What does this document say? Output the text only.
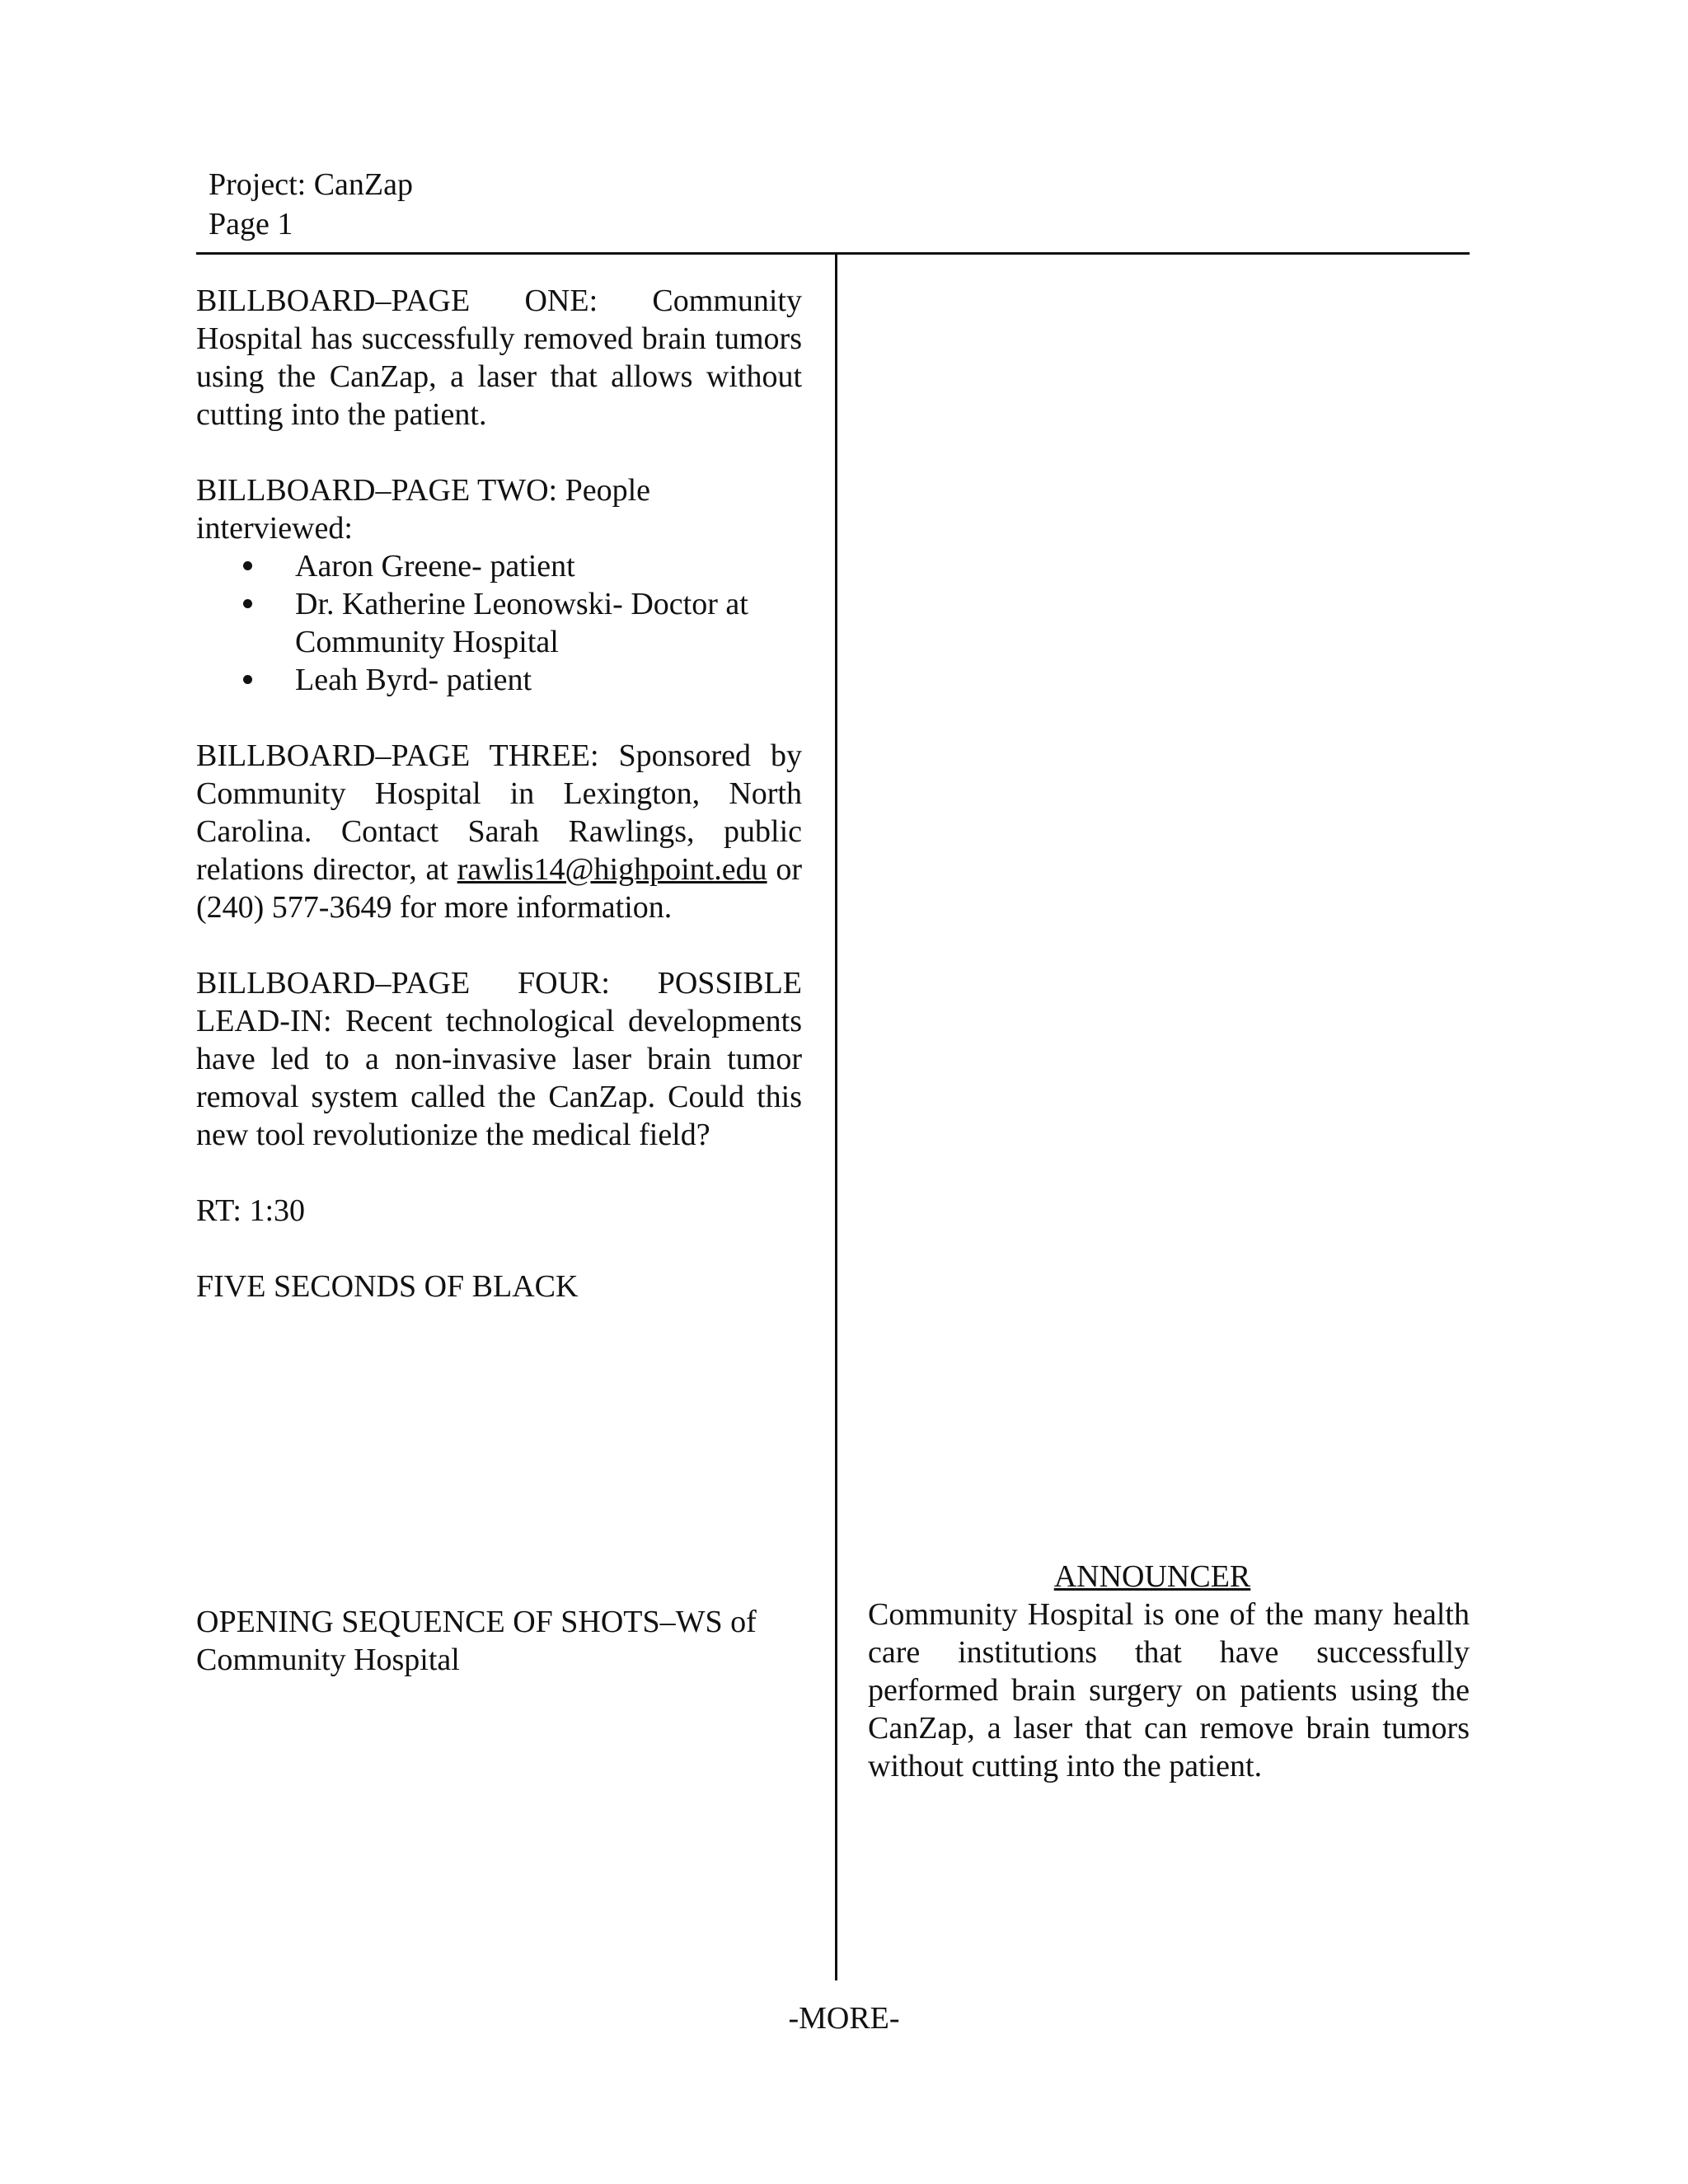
Project: CanZap
Page 1

BILLBOARD–PAGE ONE: Community Hospital has successfully removed brain tumors using the CanZap, a laser that allows without cutting into the patient.

BILLBOARD–PAGE TWO: People interviewed:
Aaron Greene- patient
Dr. Katherine Leonowski- Doctor at Community Hospital
Leah Byrd- patient

BILLBOARD–PAGE THREE: Sponsored by Community Hospital in Lexington, North Carolina. Contact Sarah Rawlings, public relations director, at rawlis14@highpoint.edu or (240) 577-3649 for more information.

BILLBOARD–PAGE FOUR: POSSIBLE LEAD-IN: Recent technological developments have led to a non-invasive laser brain tumor removal system called the CanZap. Could this new tool revolutionize the medical field?

RT: 1:30

FIVE SECONDS OF BLACK

OPENING SEQUENCE OF SHOTS–WS of Community Hospital
ANNOUNCER
Community Hospital is one of the many health care institutions that have successfully performed brain surgery on patients using the CanZap, a laser that can remove brain tumors without cutting into the patient.
-MORE-
